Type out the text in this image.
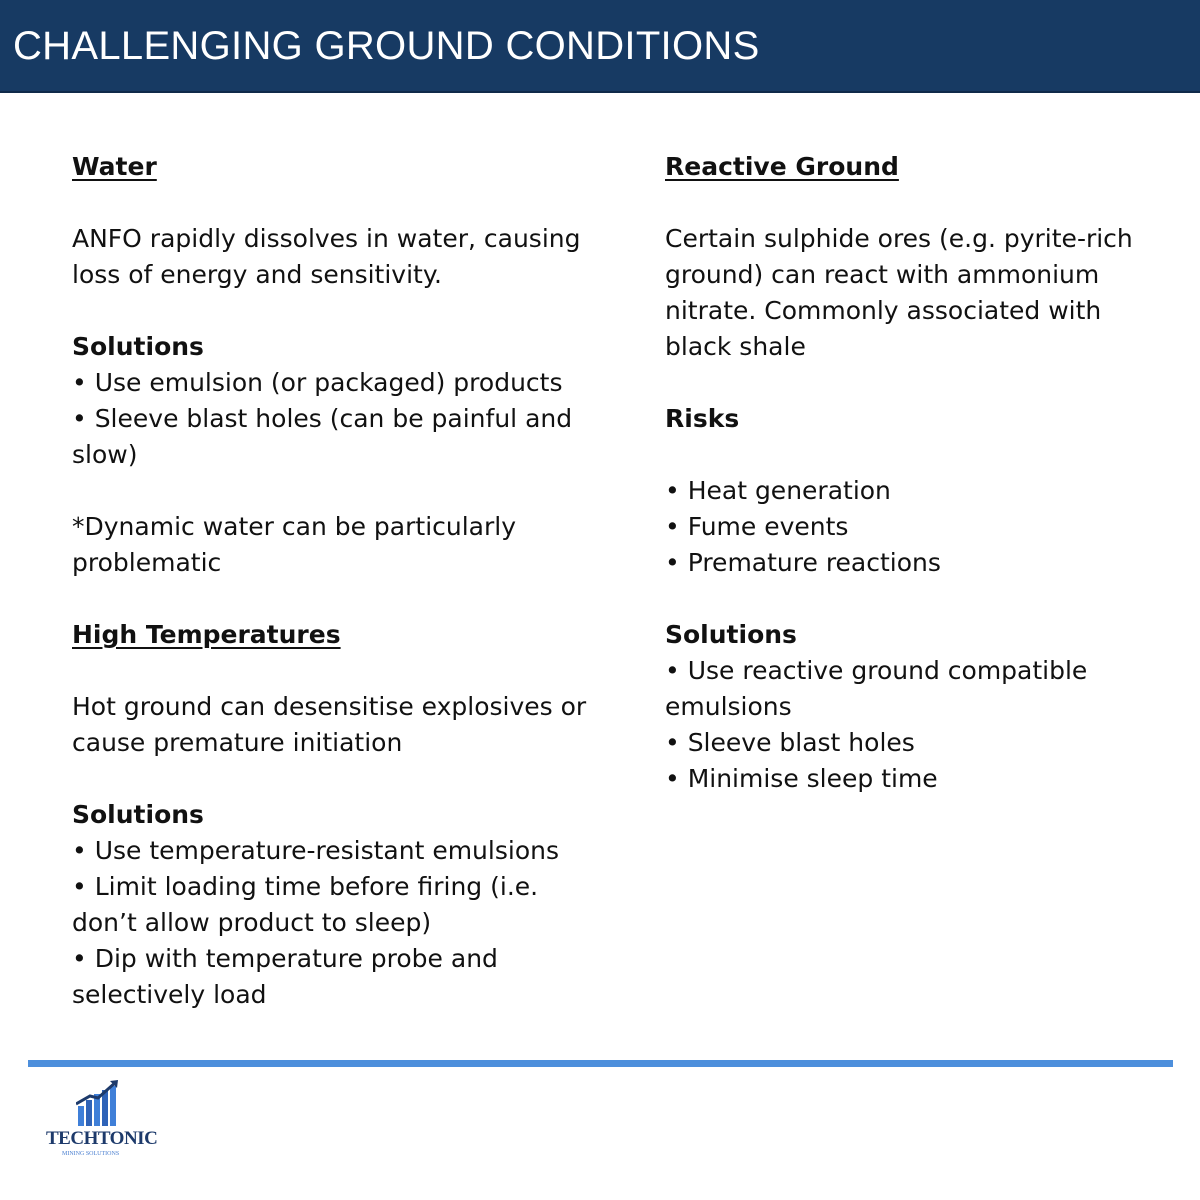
CHALLENGING GROUND CONDITIONS

Water

ANFO rapidly dissolves in water, causing

loss of energy and sensitivity.

Solutions

• Use emulsion (or packaged) products

• Sleeve blast holes (can be painful and

slow)

*Dynamic water can be particularly

problematic

High Temperatures

Hot ground can desensitise explosives or

cause premature initiation

Solutions

• Use temperature-resistant emulsions

• Limit loading time before firing (i.e.

don’t allow product to sleep)

• Dip with temperature probe and

selectively load

Reactive Ground

Certain sulphide ores (e.g. pyrite-rich

ground) can react with ammonium

nitrate. Commonly associated with

black shale

Risks

• Heat generation

• Fume events

• Premature reactions

Solutions

• Use reactive ground compatible

emulsions

• Sleeve blast holes

• Minimise sleep time

TECHTONIC
MINING SOLUTIONS
